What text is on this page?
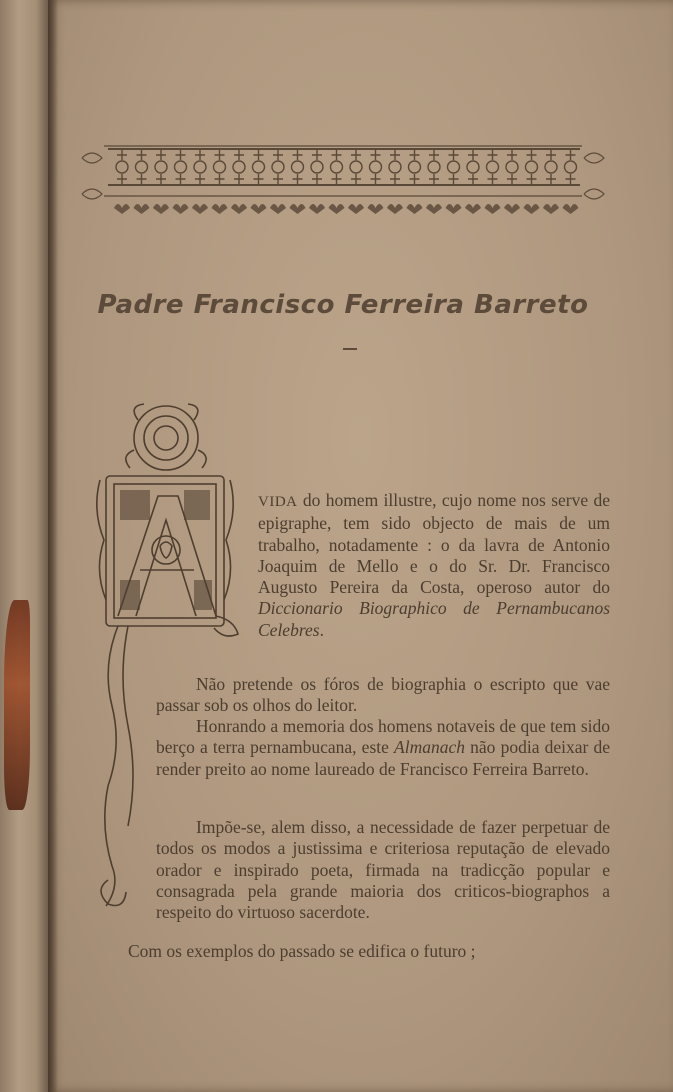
Padre Francisco Ferreira Barreto
VIDA do homem illustre, cujo nome nos serve de epigraphe, tem sido objecto de mais de um trabalho, notadamente : o da lavra de Antonio Joaquim de Mello e o do Sr. Dr. Francisco Augusto Pereira da Costa, operoso autor do Diccionario Biographico de Pernambucanos Celebres.
Não pretende os fóros de biographia o escripto que vae passar sob os olhos do leitor.
Honrando a memoria dos homens notaveis de que tem sido berço a terra pernambucana, este Almanach não podia deixar de render preito ao nome laureado de Francisco Ferreira Barreto.
Impõe-se, alem disso, a necessidade de fazer perpetuar de todos os modos a justissima e criteriosa reputação de elevado orador e inspirado poeta, firmada na tradicção popular e consagrada pela grande maioria dos criticos-biographos a respeito do virtuoso sacerdote.
Com os exemplos do passado se edifica o futuro ;
